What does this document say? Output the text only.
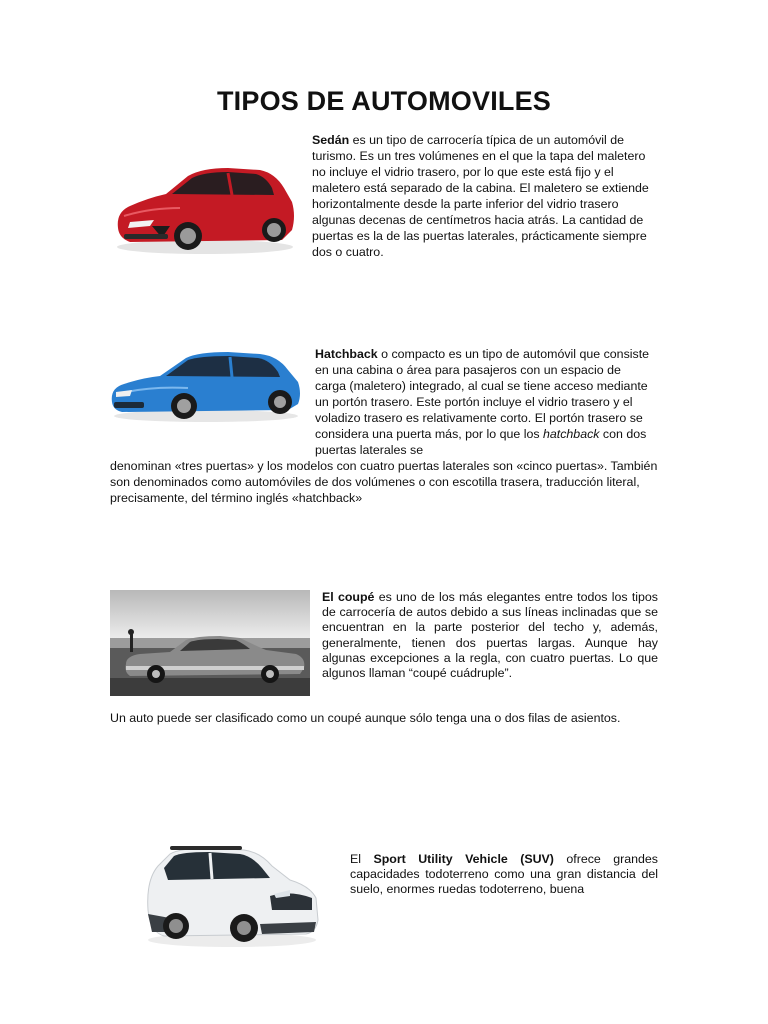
TIPOS DE AUTOMOVILES
Sedán es un tipo de carrocería típica de un automóvil de turismo. Es un tres volúmenes en el que la tapa del maletero no incluye el vidrio trasero, por lo que este está fijo y el maletero está separado de la cabina. El maletero se extiende horizontalmente desde la parte inferior del vidrio trasero algunas decenas de centímetros hacia atrás. La cantidad de puertas es la de las puertas laterales, prácticamente siempre dos o cuatro.
Hatchback o compacto es un tipo de automóvil que consiste en una cabina o área para pasajeros con un espacio de carga (maletero) integrado, al cual se tiene acceso mediante un portón trasero. Este portón incluye el vidrio trasero y el voladizo trasero es relativamente corto. El portón trasero se considera una puerta más, por lo que los hatchback con dos puertas laterales se
denominan «tres puertas» y los modelos con cuatro puertas laterales son «cinco puertas». También son denominados como automóviles de dos volúmenes o con escotilla trasera, traducción literal, precisamente, del término inglés «hatchback»
El coupé es uno de los más elegantes entre todos los tipos de carrocería de autos debido a sus líneas inclinadas que se encuentran en la parte posterior del techo y, además, generalmente, tienen dos puertas largas. Aunque hay algunas excepciones a la regla, con cuatro puertas. Lo que algunos llaman “coupé cuádruple”.
Un auto puede ser clasificado como un coupé aunque sólo tenga una o dos filas de asientos.
El Sport Utility Vehicle (SUV) ofrece grandes capacidades todoterreno como una gran distancia del suelo, enormes ruedas todoterreno, buena
